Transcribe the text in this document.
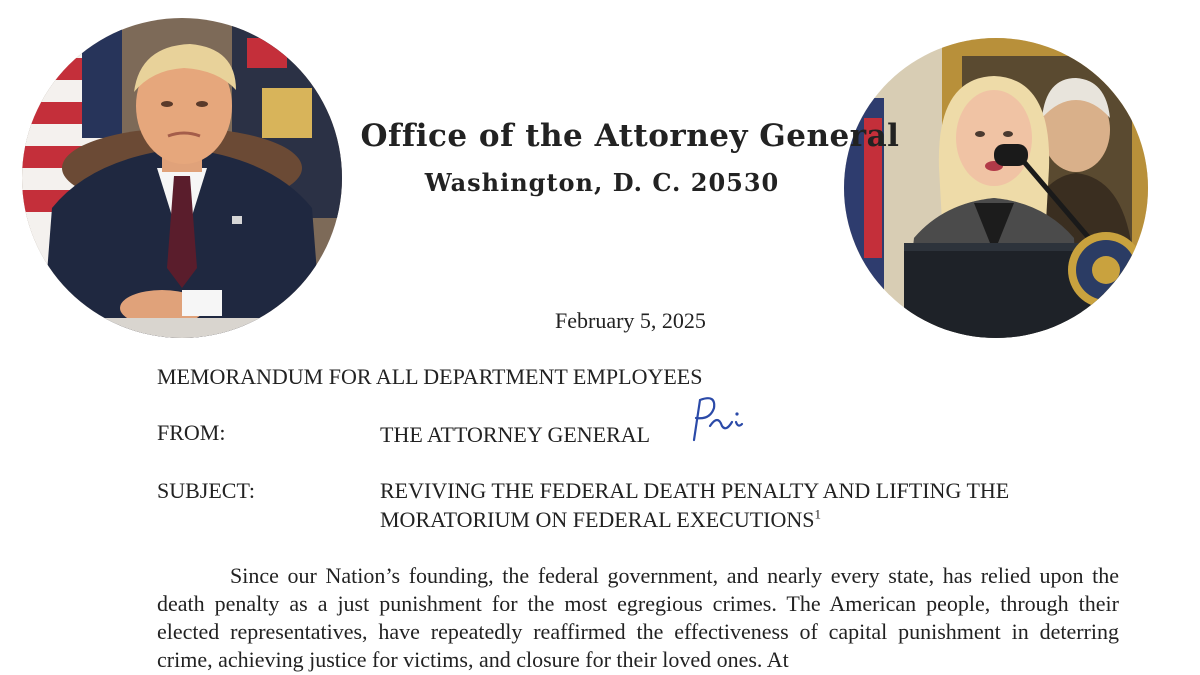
Office of the Attorney General
Washington, D. C. 20530
February 5, 2025
MEMORANDUM FOR ALL DEPARTMENT EMPLOYEES
FROM:	THE ATTORNEY GENERAL
SUBJECT:	REVIVING THE FEDERAL DEATH PENALTY AND LIFTING THE MORATORIUM ON FEDERAL EXECUTIONS$^1$

Since our Nation’s founding, the federal government, and nearly every state, has relied upon the death penalty as a just punishment for the most egregious crimes. The American people, through their elected representatives, have repeatedly reaffirmed the effectiveness of capital punishment in deterring crime, achieving justice for victims, and closure for their loved ones. At
